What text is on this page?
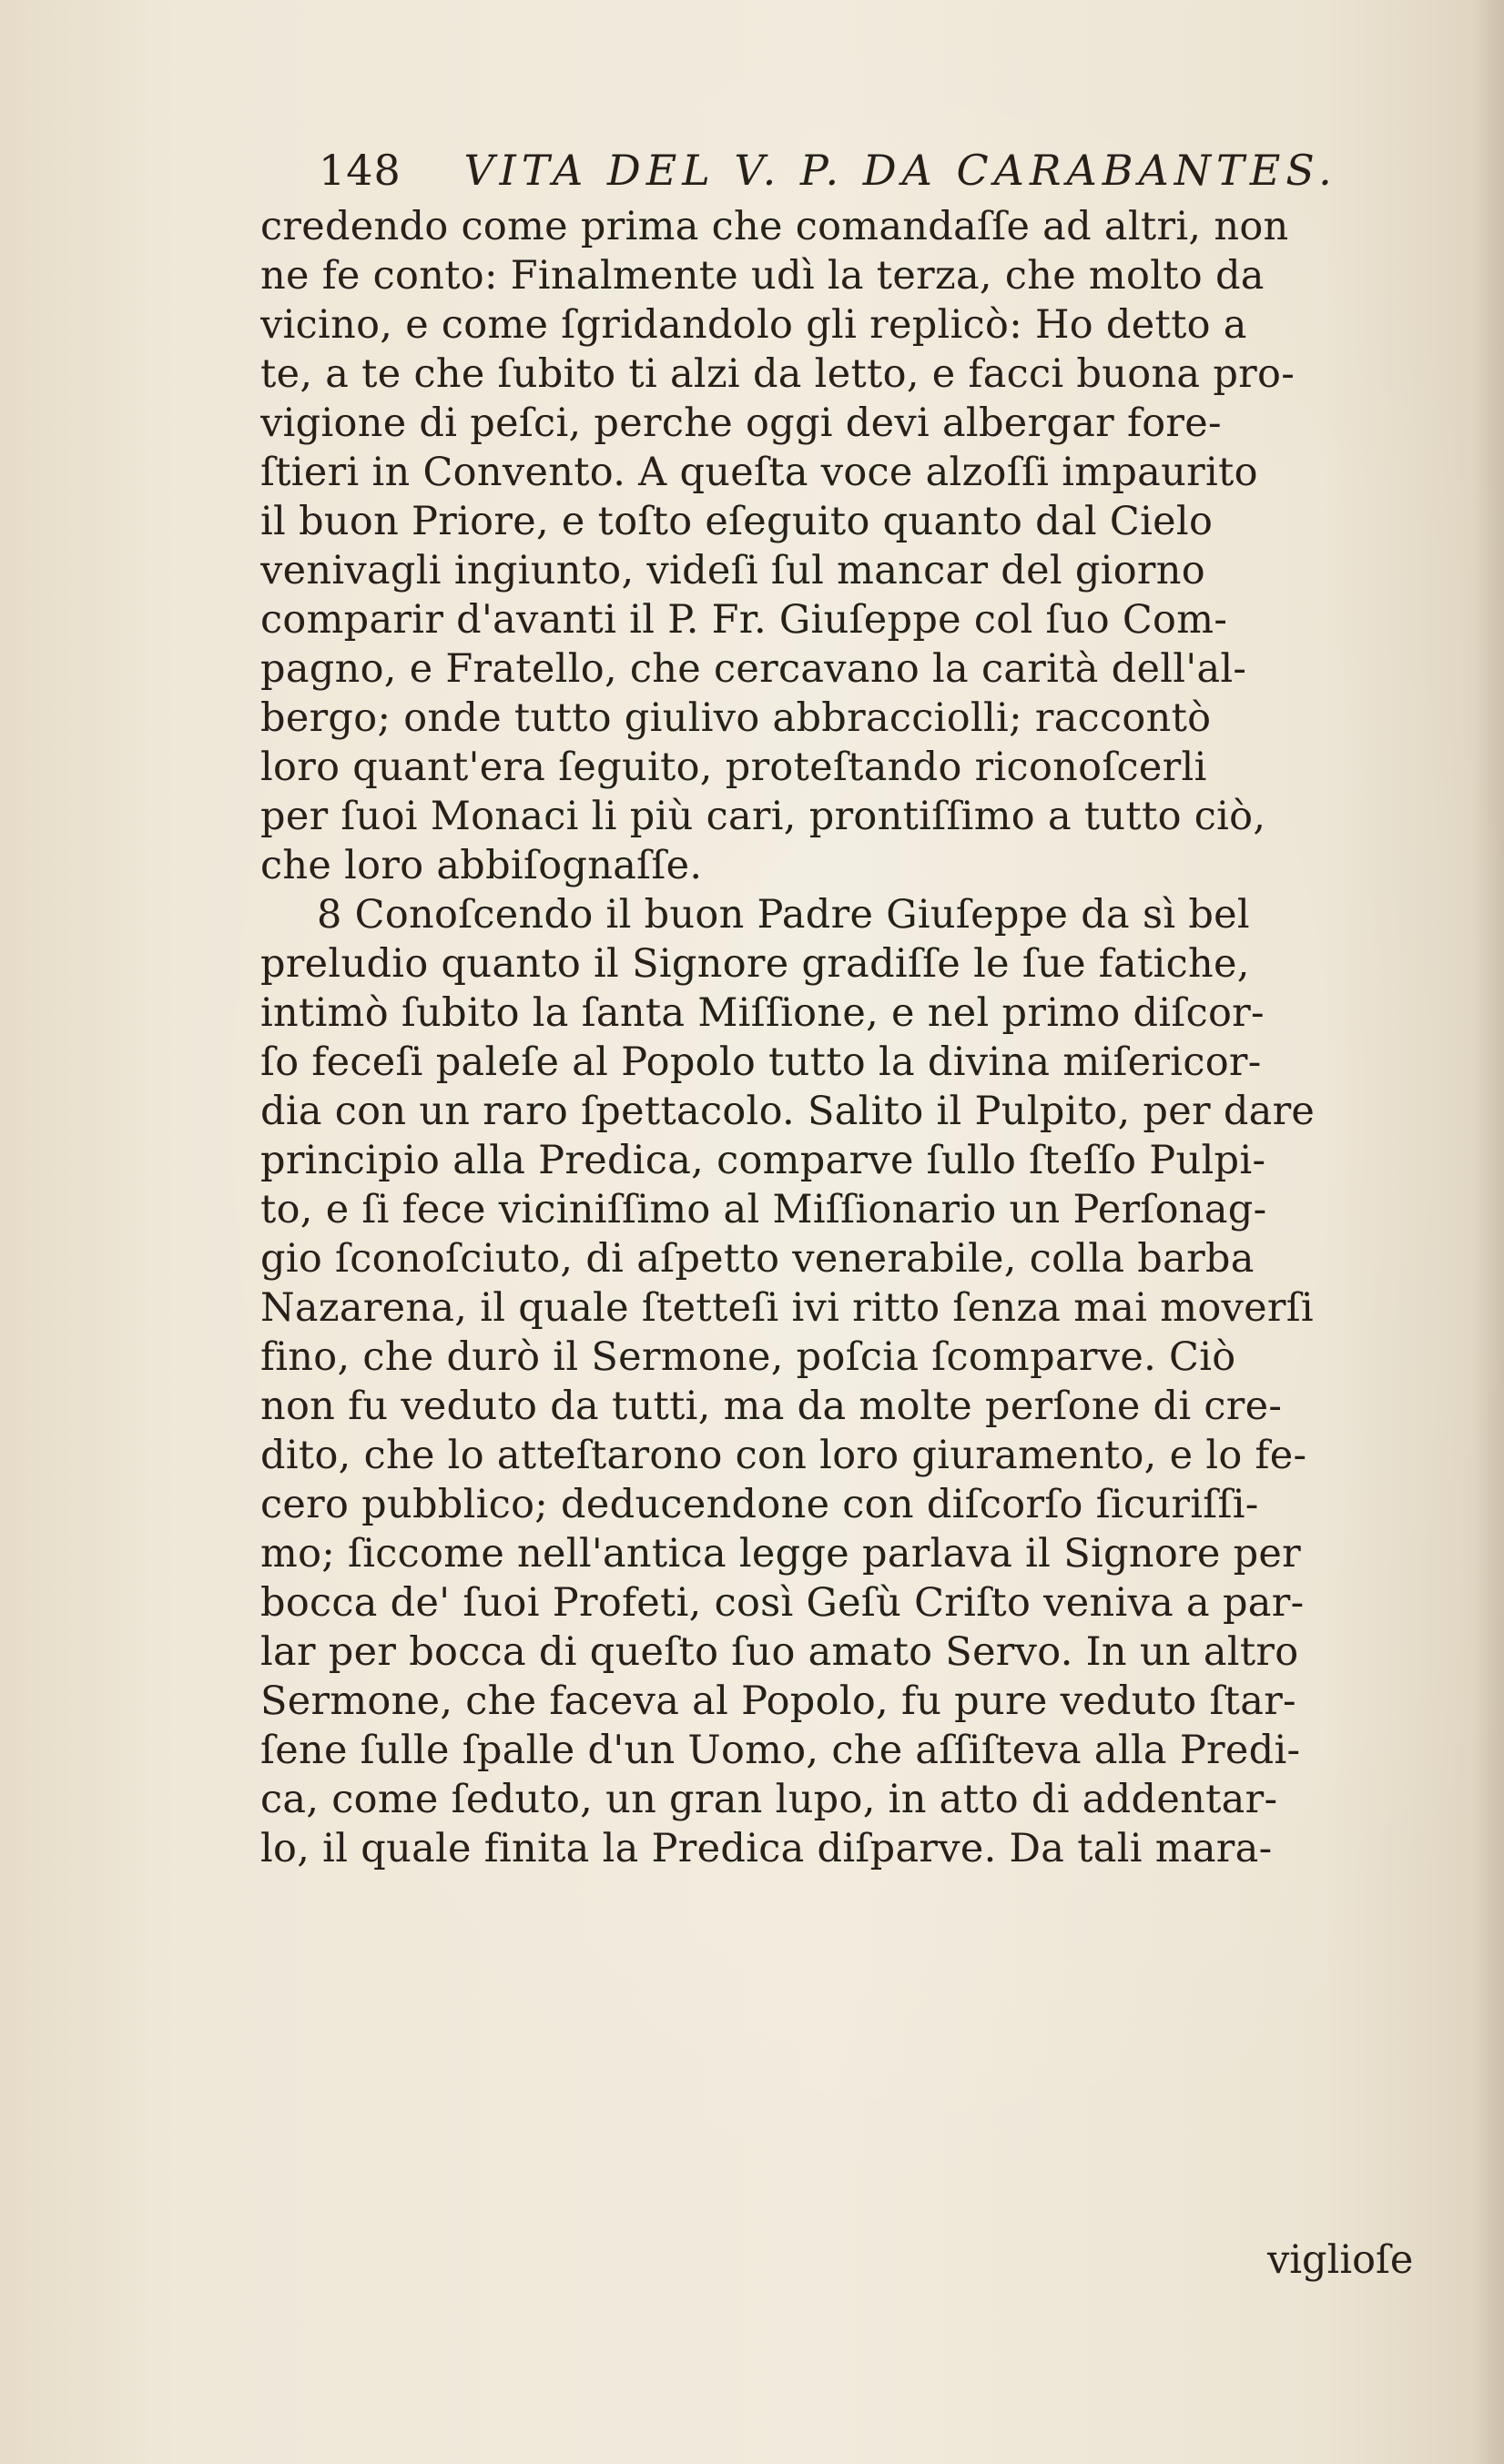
148 VITA DEL V. P. DA CARABANTES.
credendo come prima che comandaſſe ad altri, non
ne fe conto: Finalmente udì la terza, che molto da
vicino, e come ſgridandolo gli replicò: Ho detto a
te, a te che ſubito ti alzi da letto, e facci buona pro-
vigione di peſci, perche oggi devi albergar fore-
ſtieri in Convento. A queſta voce alzoſſi impaurito
il buon Priore, e toſto eſeguito quanto dal Cielo
venivagli ingiunto, videſi ſul mancar del giorno
comparir d'avanti il P. Fr. Giuſeppe col ſuo Com-
pagno, e Fratello, che cercavano la carità dell'al-
bergo; onde tutto giulivo abbracciolli; raccontò
loro quant'era ſeguito, proteſtando riconoſcerli
per ſuoi Monaci li più cari, prontiſſimo a tutto ciò,
che loro abbiſognaſſe.
8 Conoſcendo il buon Padre Giuſeppe da sì bel
preludio quanto il Signore gradiſſe le ſue fatiche,
intimò ſubito la ſanta Miſſione, e nel primo diſcor-
ſo feceſi paleſe al Popolo tutto la divina miſericor-
dia con un raro ſpettacolo. Salito il Pulpito, per dare
principio alla Predica, comparve ſullo ſteſſo Pulpi-
to, e ſi fece viciniſſimo al Miſſionario un Perſonag-
gio ſconoſciuto, di aſpetto venerabile, colla barba
Nazarena, il quale ſtetteſi ivi ritto ſenza mai moverſi
fino, che durò il Sermone, poſcia ſcomparve. Ciò
non fu veduto da tutti, ma da molte perſone di cre-
dito, che lo atteſtarono con loro giuramento, e lo fe-
cero pubblico; deducendone con diſcorſo ſicuriſſi-
mo; ſiccome nell'antica legge parlava il Signore per
bocca de' ſuoi Profeti, così Geſù Criſto veniva a par-
lar per bocca di queſto ſuo amato Servo. In un altro
Sermone, che faceva al Popolo, fu pure veduto ſtar-
ſene ſulle ſpalle d'un Uomo, che aſſiſteva alla Predi-
ca, come ſeduto, un gran lupo, in atto di addentar-
lo, il quale finita la Predica diſparve. Da tali mara-
viglioſe
